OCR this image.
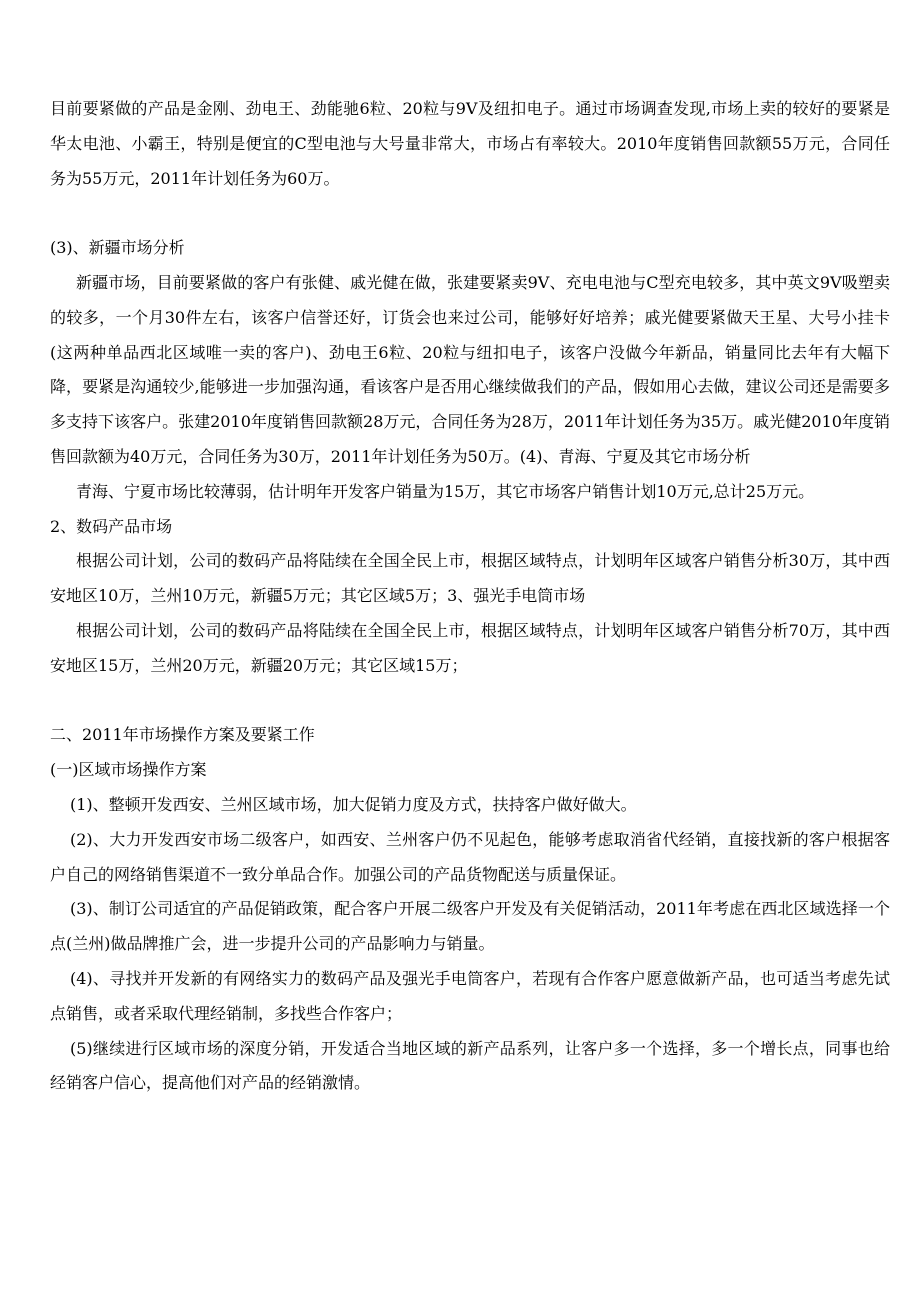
目前要紧做的产品是金刚、劲电王、劲能驰6粒、20粒与9V及纽扣电子。通过市场调查发现,市场上卖的较好的要紧是华太电池、小霸王，特别是便宜的C型电池与大号量非常大，市场占有率较大。2010年度销售回款额55万元，合同任务为55万元，2011年计划任务为60万。

(3)、新疆市场分析

新疆市场，目前要紧做的客户有张健、戚光健在做，张建要紧卖9V、充电电池与C型充电较多，其中英文9V吸塑卖的较多，一个月30件左右，该客户信誉还好，订货会也来过公司，能够好好培养；戚光健要紧做天王星、大号小挂卡(这两种单品西北区域唯一卖的客户)、劲电王6粒、20粒与纽扣电子，该客户没做今年新品，销量同比去年有大幅下降，要紧是沟通较少,能够进一步加强沟通，看该客户是否用心继续做我们的产品，假如用心去做，建议公司还是需要多多支持下该客户。张建2010年度销售回款额28万元，合同任务为28万，2011年计划任务为35万。戚光健2010年度销售回款额为40万元，合同任务为30万，2011年计划任务为50万。(4)、青海、宁夏及其它市场分析

青海、宁夏市场比较薄弱，估计明年开发客户销量为15万，其它市场客户销售计划10万元,总计25万元。

2、数码产品市场

根据公司计划，公司的数码产品将陆续在全国全民上市，根据区域特点，计划明年区域客户销售分析30万，其中西安地区10万，兰州10万元，新疆5万元；其它区域5万；3、强光手电筒市场

根据公司计划，公司的数码产品将陆续在全国全民上市，根据区域特点，计划明年区域客户销售分析70万，其中西安地区15万，兰州20万元，新疆20万元；其它区域15万；

二、2011年市场操作方案及要紧工作

(一)区域市场操作方案

(1)、整顿开发西安、兰州区域市场，加大促销力度及方式，扶持客户做好做大。

(2)、大力开发西安市场二级客户，如西安、兰州客户仍不见起色，能够考虑取消省代经销，直接找新的客户根据客户自己的网络销售渠道不一致分单品合作。加强公司的产品货物配送与质量保证。

(3)、制订公司适宜的产品促销政策，配合客户开展二级客户开发及有关促销活动，2011年考虑在西北区域选择一个点(兰州)做品牌推广会，进一步提升公司的产品影响力与销量。

(4)、寻找并开发新的有网络实力的数码产品及强光手电筒客户，若现有合作客户愿意做新产品，也可适当考虑先试点销售，或者采取代理经销制，多找些合作客户；

(5)继续进行区域市场的深度分销，开发适合当地区域的新产品系列，让客户多一个选择，多一个增长点，同事也给经销客户信心，提高他们对产品的经销激情。
